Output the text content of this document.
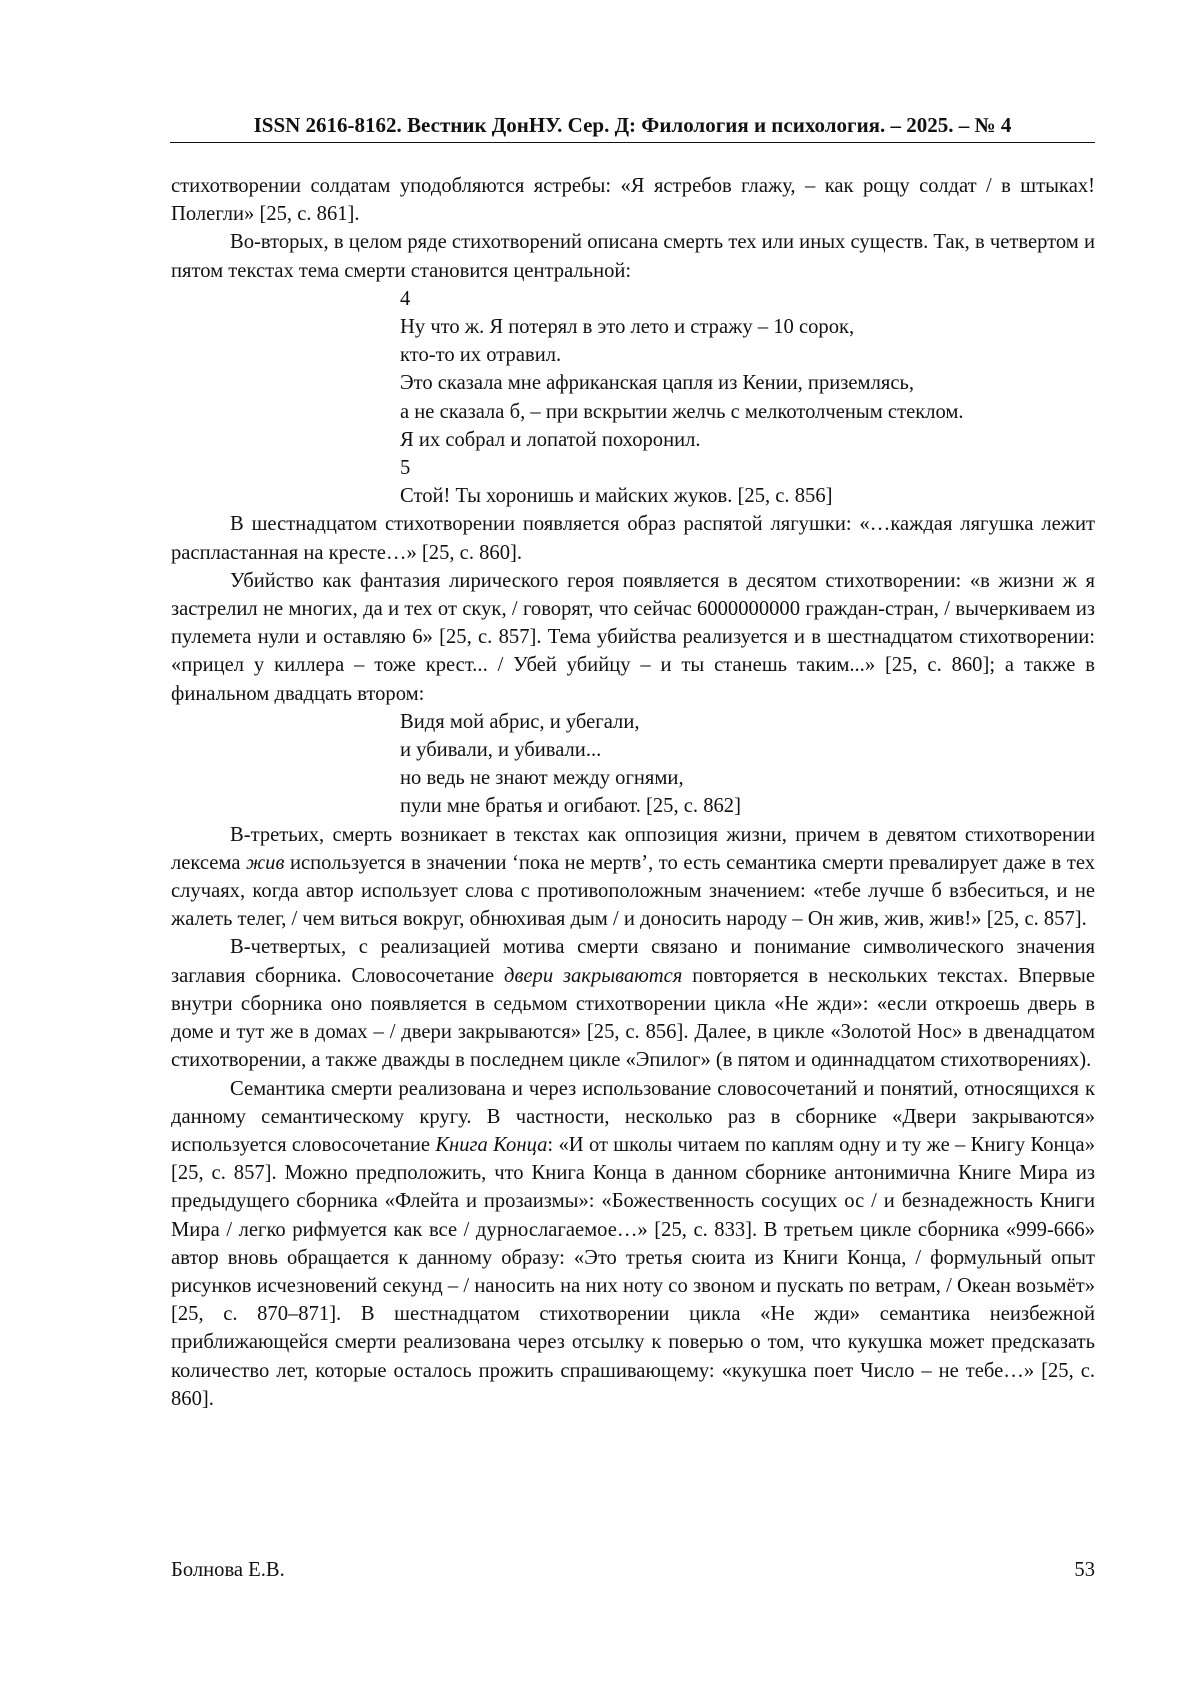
ISSN 2616-8162. Вестник ДонНУ. Сер. Д: Филология и психология. – 2025. – № 4

стихотворении солдатам уподобляются ястребы: «Я ястребов глажу, – как рощу солдат / в штыках! Полегли» [25, с. 861].

Во-вторых, в целом ряде стихотворений описана смерть тех или иных существ. Так, в четвертом и пятом текстах тема смерти становится центральной:

4
Ну что ж. Я потерял в это лето и стражу – 10 сорок,
кто-то их отравил.
Это сказала мне африканская цапля из Кении, приземлясь,
а не сказала б, – при вскрытии желчь с мелкотолченым стеклом.
Я их собрал и лопатой похоронил.
5
Стой! Ты хоронишь и майских жуков. [25, с. 856]

В шестнадцатом стихотворении появляется образ распятой лягушки: «…каждая лягушка лежит распластанная на кресте…» [25, с. 860].

Убийство как фантазия лирического героя появляется в десятом стихотворении: «в жизни ж я застрелил не многих, да и тех от скук, / говорят, что сейчас 6000000000 граждан-стран, / вычеркиваем из пулемета нули и оставляю 6» [25, с. 857]. Тема убийства реализуется и в шестнадцатом стихотворении: «прицел у киллера – тоже крест... / Убей убийцу – и ты станешь таким...» [25, с. 860]; а также в финальном двадцать втором:

Видя мой абрис, и убегали,
и убивали, и убивали...
но ведь не знают между огнями,
пули мне братья и огибают. [25, с. 862]

В-третьих, смерть возникает в текстах как оппозиция жизни, причем в девятом стихотворении лексема жив используется в значении ‘пока не мертв’, то есть семантика смерти превалирует даже в тех случаях, когда автор использует слова с противоположным значением: «тебе лучше б взбеситься, и не жалеть телег, / чем виться вокруг, обнюхивая дым / и доносить народу – Он жив, жив, жив!» [25, с. 857].

В-четвертых, с реализацией мотива смерти связано и понимание символического значения заглавия сборника. Словосочетание двери закрываются повторяется в нескольких текстах. Впервые внутри сборника оно появляется в седьмом стихотворении цикла «Не жди»: «если откроешь дверь в доме и тут же в домах – / двери закрываются» [25, с. 856]. Далее, в цикле «Золотой Нос» в двенадцатом стихотворении, а также дважды в последнем цикле «Эпилог» (в пятом и одиннадцатом стихотворениях).

Семантика смерти реализована и через использование словосочетаний и понятий, относящихся к данному семантическому кругу. В частности, несколько раз в сборнике «Двери закрываются» используется словосочетание Книга Конца: «И от школы читаем по каплям одну и ту же – Книгу Конца» [25, с. 857]. Можно предположить, что Книга Конца в данном сборнике антонимична Книге Мира из предыдущего сборника «Флейта и прозаизмы»: «Божественность сосущих ос / и безнадежность Книги Мира / легко рифмуется как все / дурнослагаемое…» [25, с. 833]. В третьем цикле сборника «999-666» автор вновь обращается к данному образу: «Это третья сюита из Книги Конца, / формульный опыт рисунков исчезновений секунд – / наносить на них ноту со звоном и пускать по ветрам, / Океан возьмёт» [25, с. 870–871]. В шестнадцатом стихотворении цикла «Не жди» семантика неизбежной приближающейся смерти реализована через отсылку к поверью о том, что кукушка может предсказать количество лет, которые осталось прожить спрашивающему: «кукушка поет Число – не тебе…» [25, с. 860].

Болнова Е.В.	53
